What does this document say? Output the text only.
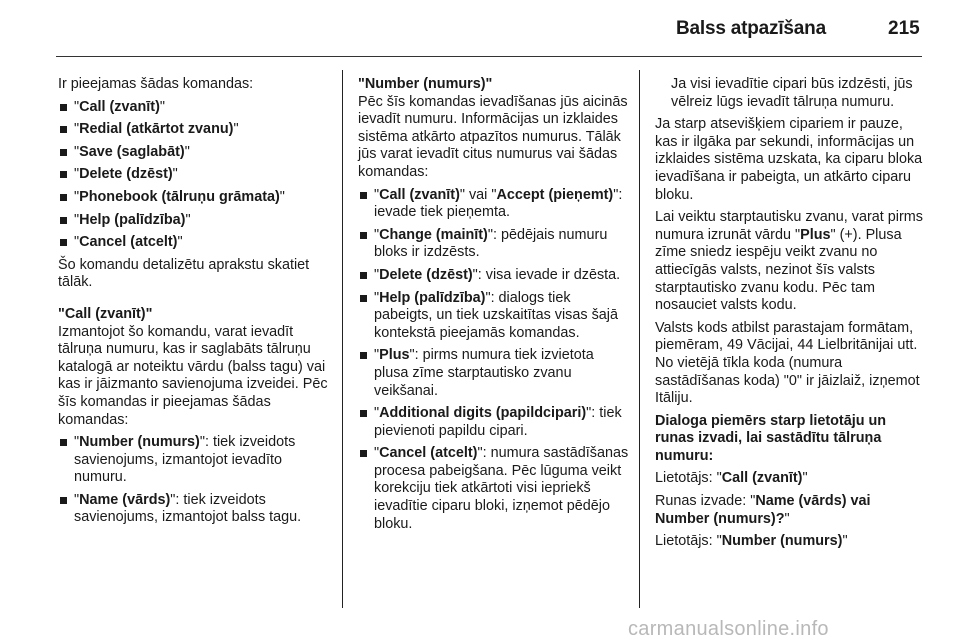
Balss atpazīšana	215

Ir pieejamas šādas komandas:

"Call (zvanīt)"
"Redial (atkārtot zvanu)"
"Save (saglabāt)"
"Delete (dzēst)"
"Phonebook (tālruņu grāmata)"
"Help (palīdzība)"
"Cancel (atcelt)"

Šo komandu detalizētu aprakstu skatiet tālāk.

"Call (zvanīt)"

Izmantojot šo komandu, varat ievadīt tālruņa numuru, kas ir saglabāts tālruņu katalogā ar noteiktu vārdu (balss tagu) vai kas ir jāizmanto savienojuma izveidei. Pēc šīs komandas ir pieejamas šādas komandas:

"Number (numurs)": tiek izveidots savienojums, izmantojot ievadīto numuru.
"Name (vārds)": tiek izveidots savienojums, izmantojot balss tagu.

"Number (numurs)"

Pēc šīs komandas ievadīšanas jūs aicinās ievadīt numuru. Informācijas un izklaides sistēma atkārto atpazītos numurus. Tālāk jūs varat ievadīt citus numurus vai šādas komandas:

"Call (zvanīt)" vai "Accept (pieņemt)": ievade tiek pieņemta.
"Change (mainīt)": pēdējais numuru bloks ir izdzēsts.
"Delete (dzēst)": visa ievade ir dzēsta.
"Help (palīdzība)": dialogs tiek pabeigts, un tiek uzskaitītas visas šajā kontekstā pieejamās komandas.
"Plus": pirms numura tiek izvietota plusa zīme starptautisko zvanu veikšanai.
"Additional digits (papildcipari)": tiek pievienoti papildu cipari.
"Cancel (atcelt)": numura sastādīšanas procesa pabeigšana. Pēc lūguma veikt korekciju tiek atkārtoti visi iepriekš ievadītie ciparu bloki, izņemot pēdējo bloku.

Ja visi ievadītie cipari būs izdzēsti, jūs vēlreiz lūgs ievadīt tālruņa numuru.

Ja starp atsevišķiem cipariem ir pauze, kas ir ilgāka par sekundi, informācijas un izklaides sistēma uzskata, ka ciparu bloka ievadīšana ir pabeigta, un atkārto ciparu bloku.

Lai veiktu starptautisku zvanu, varat pirms numura izrunāt vārdu "Plus" (+). Plusa zīme sniedz iespēju veikt zvanu no attiecīgās valsts, nezinot šīs valsts starptautisko zvanu kodu. Pēc tam nosauciet valsts kodu.

Valsts kods atbilst parastajam formātam, piemēram, 49 Vācijai, 44 Lielbritānijai utt. No vietējā tīkla koda (numura sastādīšanas koda) "0" ir jāizlaiž, izņemot Itāliju.

Dialoga piemērs starp lietotāju un runas izvadi, lai sastādītu tālruņa numuru:

Lietotājs: "Call (zvanīt)"

Runas izvade: "Name (vārds) vai Number (numurs)?"

Lietotājs: "Number (numurs)"

carmanualsonline.info
